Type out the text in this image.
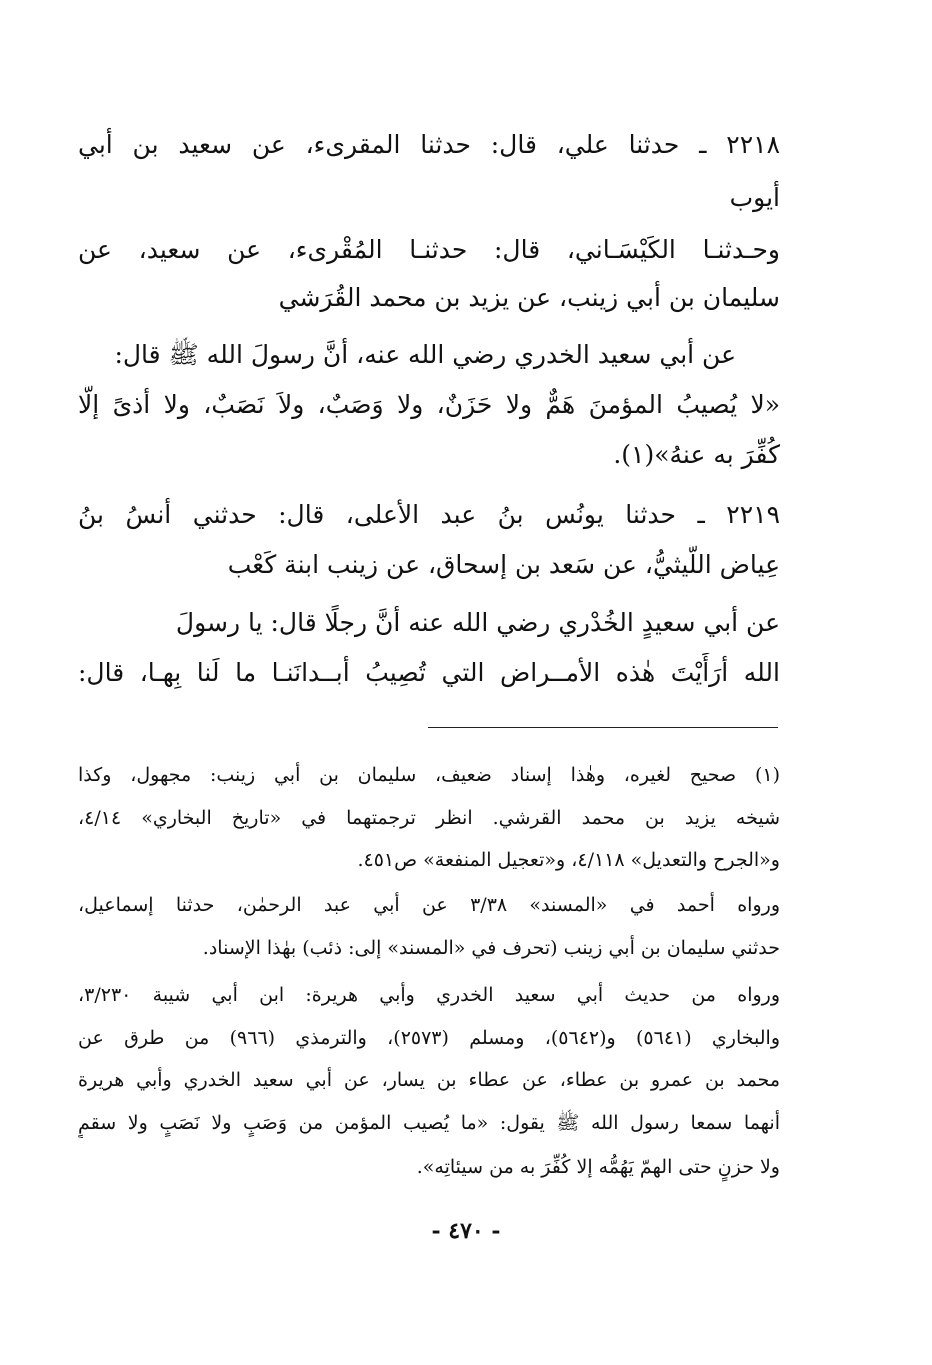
٢٢١٨ ـ حدثنا علي، قال: حدثنا المقرىء، عن سعيد بن أبي
أيوب
وحـدثنـا الكَيْسَـاني، قال: حدثنـا المُقْرىء، عن سعيد، عن
سليمان بن أبي زينب، عن يزيد بن محمد القُرَشي
عن أبي سعيد الخدري رضي الله عنه، أنَّ رسولَ الله ﷺ قال:
«لا يُصيبُ المؤمنَ هَمٌّ ولا حَزَنٌ، ولا وَصَبٌ، ولاَ نَصَبٌ، ولا أذىً إلَّا
كُفِّرَ به عنهُ»(١).
٢٢١٩ ـ حدثنا يونُس بنُ عبد الأعلى، قال: حدثني أنسُ بنُ
عِياض اللَّيثيُّ، عن سَعد بن إسحاق، عن زينب ابنة كَعْب
عن أبي سعيدٍ الخُدْري رضي الله عنه أنَّ رجلًا قال: يا رسولَ
الله أرَأَيْتَ هٰذه الأمــراض التي تُصِيبُ أبــدانَنـا ما لَنا بِهـا، قال:
(١) صحيح لغيره، وهٰذا إسناد ضعيف، سليمان بن أبي زينب: مجهول، وكذا
شيخه يزيد بن محمد القرشي. انظر ترجمتهما في «تاريخ البخاري» ٤/١٤،
و«الجرح والتعديل» ٤/١١٨، و«تعجيل المنفعة» ص٤٥١.
ورواه أحمد في «المسند» ٣/٣٨ عن أبي عبد الرحمٰن، حدثنا إسماعيل،
حدثني سليمان بن أبي زينب (تحرف في «المسند» إلى: ذئب) بهٰذا الإسناد.
ورواه من حديث أبي سعيد الخدري وأبي هريرة: ابن أبي شيبة ٣/٢٣٠،
والبخاري (٥٦٤١) و(٥٦٤٢)، ومسلم (٢٥٧٣)، والترمذي (٩٦٦) من طرق عن
محمد بن عمرو بن عطاء، عن عطاء بن يسار، عن أبي سعيد الخدري وأبي هريرة
أنهما سمعا رسول الله ﷺ يقول: «ما يُصيب المؤمن من وَصَبٍ ولا نَصَبٍ ولا سقمٍ
ولا حزنٍ حتى الهمّ يَهُمُّه إلا كُفِّرَ به من سيئاتِه».
- ٤٧٠ -
